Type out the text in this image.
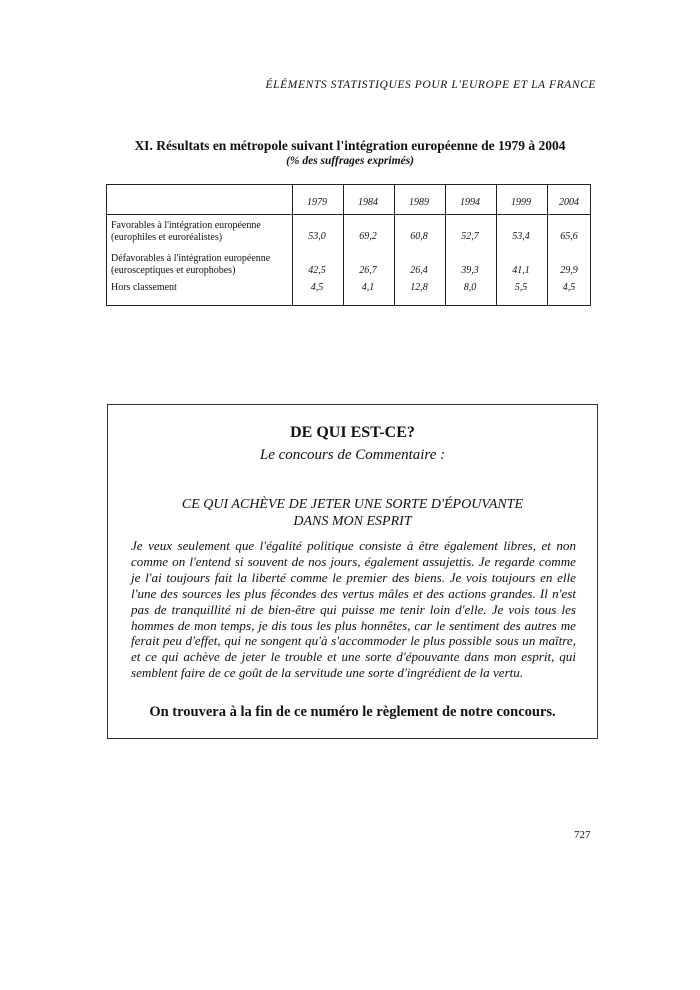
ÉLÉMENTS STATISTIQUES POUR L'EUROPE ET LA FRANCE
XI. Résultats en métropole suivant l'intégration européenne de 1979 à 2004
(% des suffrages exprimés)
1979	1984	1989	1994	1999	2004
Favorables à l'intégration européenne
(europhiles et euroréalistes)	53,0	69,2	60,8	52,7	53,4	65,6
Défavorables à l'intégration européenne
(eurosceptiques et europhobes)	42,5	26,7	26,4	39,3	41,1	29,9
Hors classement	4,5	4,1	12,8	8,0	5,5	4,5
DE QUI EST-CE?
Le concours de Commentaire :
CE QUI ACHÈVE DE JETER UNE SORTE D'ÉPOUVANTE
DANS MON ESPRIT
Je veux seulement que l'égalité politique consiste à être également libres, et non comme on l'entend si souvent de nos jours, également assujettis. Je regarde comme je l'ai toujours fait la liberté comme le premier des biens. Je vois toujours en elle l'une des sources les plus fécondes des vertus mâles et des actions grandes. Il n'est pas de tranquillité ni de bien-être qui puisse me tenir loin d'elle. Je vois tous les hommes de mon temps, je dis tous les plus honnêtes, car le sentiment des autres me ferait peu d'effet, qui ne songent qu'à s'accommoder le plus possible sous un maître, et ce qui achève de jeter le trouble et une sorte d'épouvante dans mon esprit, qui semblent faire de ce goût de la servitude une sorte d'ingrédient de la vertu.
On trouvera à la fin de ce numéro le règlement de notre concours.
727
